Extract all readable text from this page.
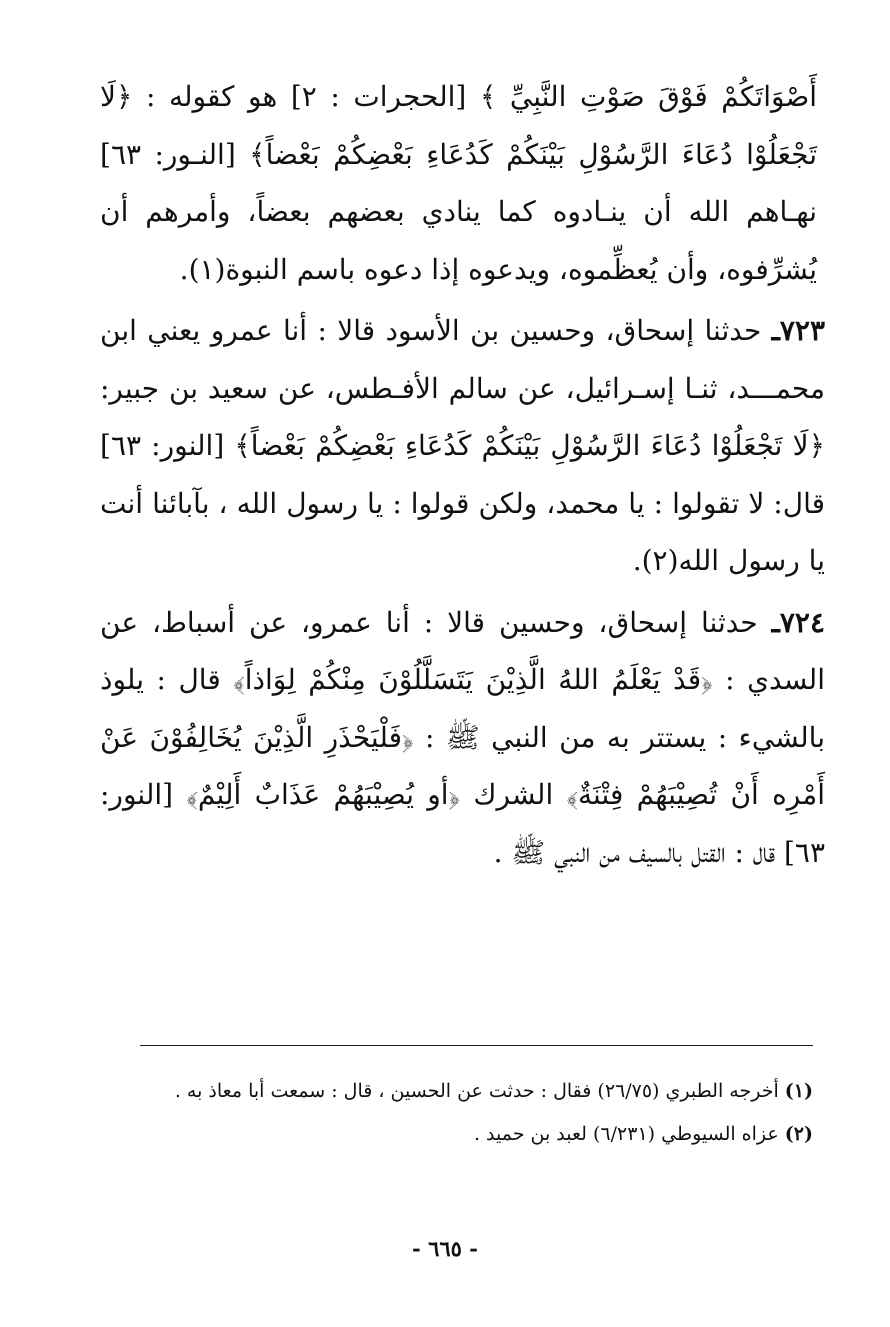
أَصْوَاتَكُمْ فَوْقَ صَوْتِ النَّبِيِّ ﴾ [الحجرات : ٢] هو كقوله : ﴿لَا تَجْعَلُوْا دُعَاءَ الرَّسُوْلِ بَيْنَكُمْ كَدُعَاءِ بَعْضِكُمْ بَعْضاً﴾ [النـور: ٦٣] نهـاهم الله أن ينـادوه كما ينادي بعضهم بعضاً، وأمرهم أن يُشرِّفوه، وأن يُعظِّموه، ويدعوه إذا دعوه باسم النبوة(١).

٧٢٣ـ حدثنا إسحاق، وحسين بن الأسود قالا : أنا عمرو يعني ابن محمـــد، ثنـا إسـرائيل، عن سالم الأفـطس، عن سعيد بن جبير: ﴿لَا تَجْعَلُوْا دُعَاءَ الرَّسُوْلِ بَيْنَكُمْ كَدُعَاءِ بَعْضِكُمْ بَعْضاً﴾ [النور: ٦٣] قال: لا تقولوا : يا محمد، ولكن قولوا : يا رسول الله ، بآبائنا أنت يا رسول الله(٢).

٧٢٤ـ حدثنا إسحاق، وحسين قالا : أنا عمرو، عن أسباط، عن السدي : ﴿قَدْ يَعْلَمُ اللهُ الَّذِيْنَ يَتَسَلَّلُوْنَ مِنْكُمْ لِوَاذاً﴾ قال : يلوذ بالشيء : يستتر به من النبي ﷺ : ﴿فَلْيَحْذَرِ الَّذِيْنَ يُخَالِفُوْنَ عَنْ أَمْرِه أَنْ تُصِيْبَهُمْ فِتْنَةٌ﴾ الشرك ﴿أو يُصِيْبَهُمْ عَذَابٌ أَلِيْمٌ﴾ [النور: ٦٣] قال : القتل بالسيف من النبي ﷺ .

(١) أخرجه الطبري (٢٦/٧٥) فقال : حدثت عن الحسين ، قال : سمعت أبا معاذ به .

(٢) عزاه السيوطي (٦/٢٣١) لعبد بن حميد .

- ٦٦٥ -
